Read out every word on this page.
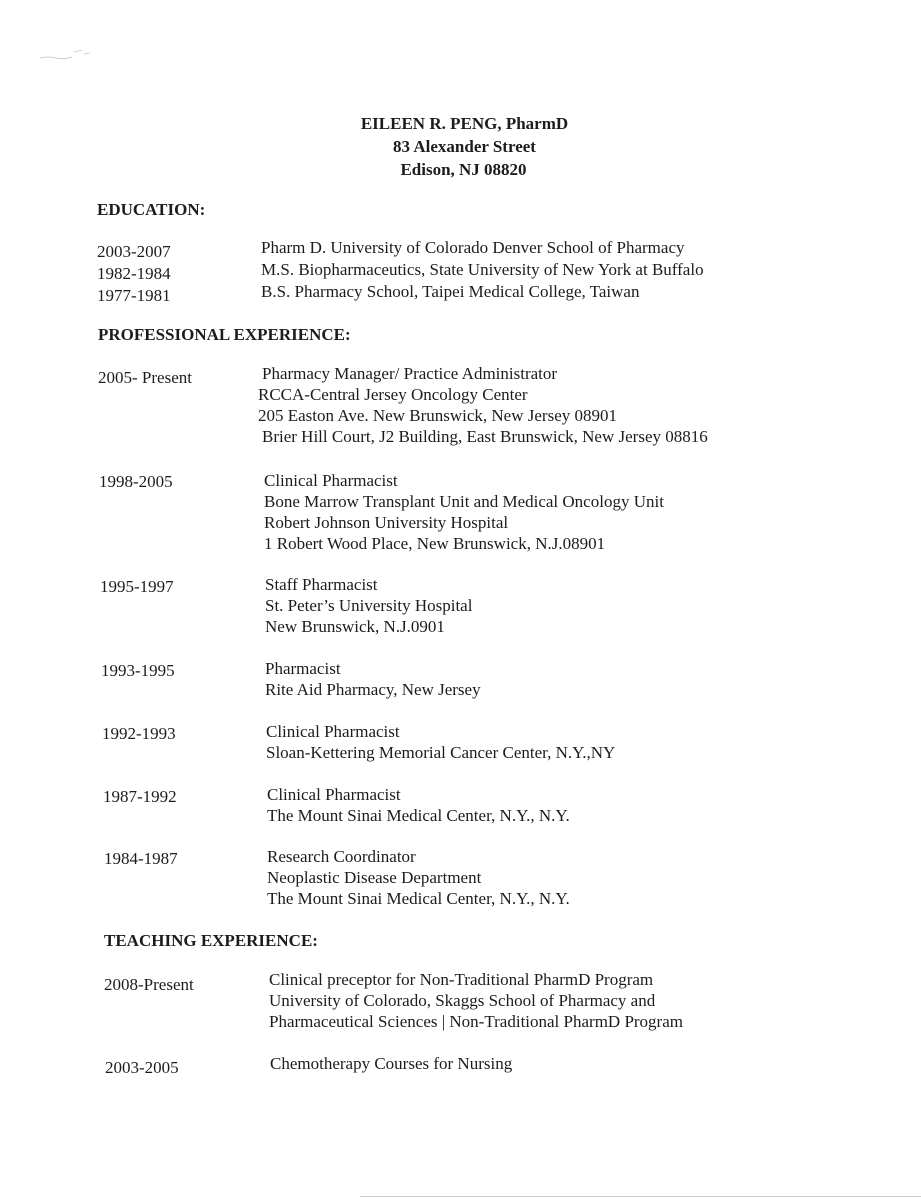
EILEEN R. PENG, PharmD
83 Alexander Street
Edison, NJ 08820
EDUCATION:
2003-2007	Pharm D. University of Colorado Denver School of Pharmacy
1982-1984	M.S. Biopharmaceutics, State University of New York at Buffalo
1977-1981	B.S. Pharmacy School, Taipei Medical College, Taiwan
PROFESSIONAL EXPERIENCE:
2005- Present	Pharmacy Manager/ Practice Administrator
RCCA-Central Jersey Oncology Center
205 Easton Ave. New Brunswick, New Jersey 08901
Brier Hill Court, J2 Building, East Brunswick, New Jersey 08816
1998-2005	Clinical Pharmacist
Bone Marrow Transplant Unit and Medical Oncology Unit
Robert Johnson University Hospital
1 Robert Wood Place, New Brunswick, N.J.08901
1995-1997	Staff Pharmacist
St. Peter’s University Hospital
New Brunswick, N.J.0901
1993-1995	Pharmacist
Rite Aid Pharmacy, New Jersey
1992-1993	Clinical Pharmacist
Sloan-Kettering Memorial Cancer Center, N.Y.,NY
1987-1992	Clinical Pharmacist
The Mount Sinai Medical Center, N.Y., N.Y.
1984-1987	Research Coordinator
Neoplastic Disease Department
The Mount Sinai Medical Center, N.Y., N.Y.
TEACHING EXPERIENCE:
2008-Present	Clinical preceptor for Non-Traditional PharmD Program
University of Colorado, Skaggs School of Pharmacy and
Pharmaceutical Sciences | Non-Traditional PharmD Program
2003-2005	Chemotherapy Courses for Nursing
